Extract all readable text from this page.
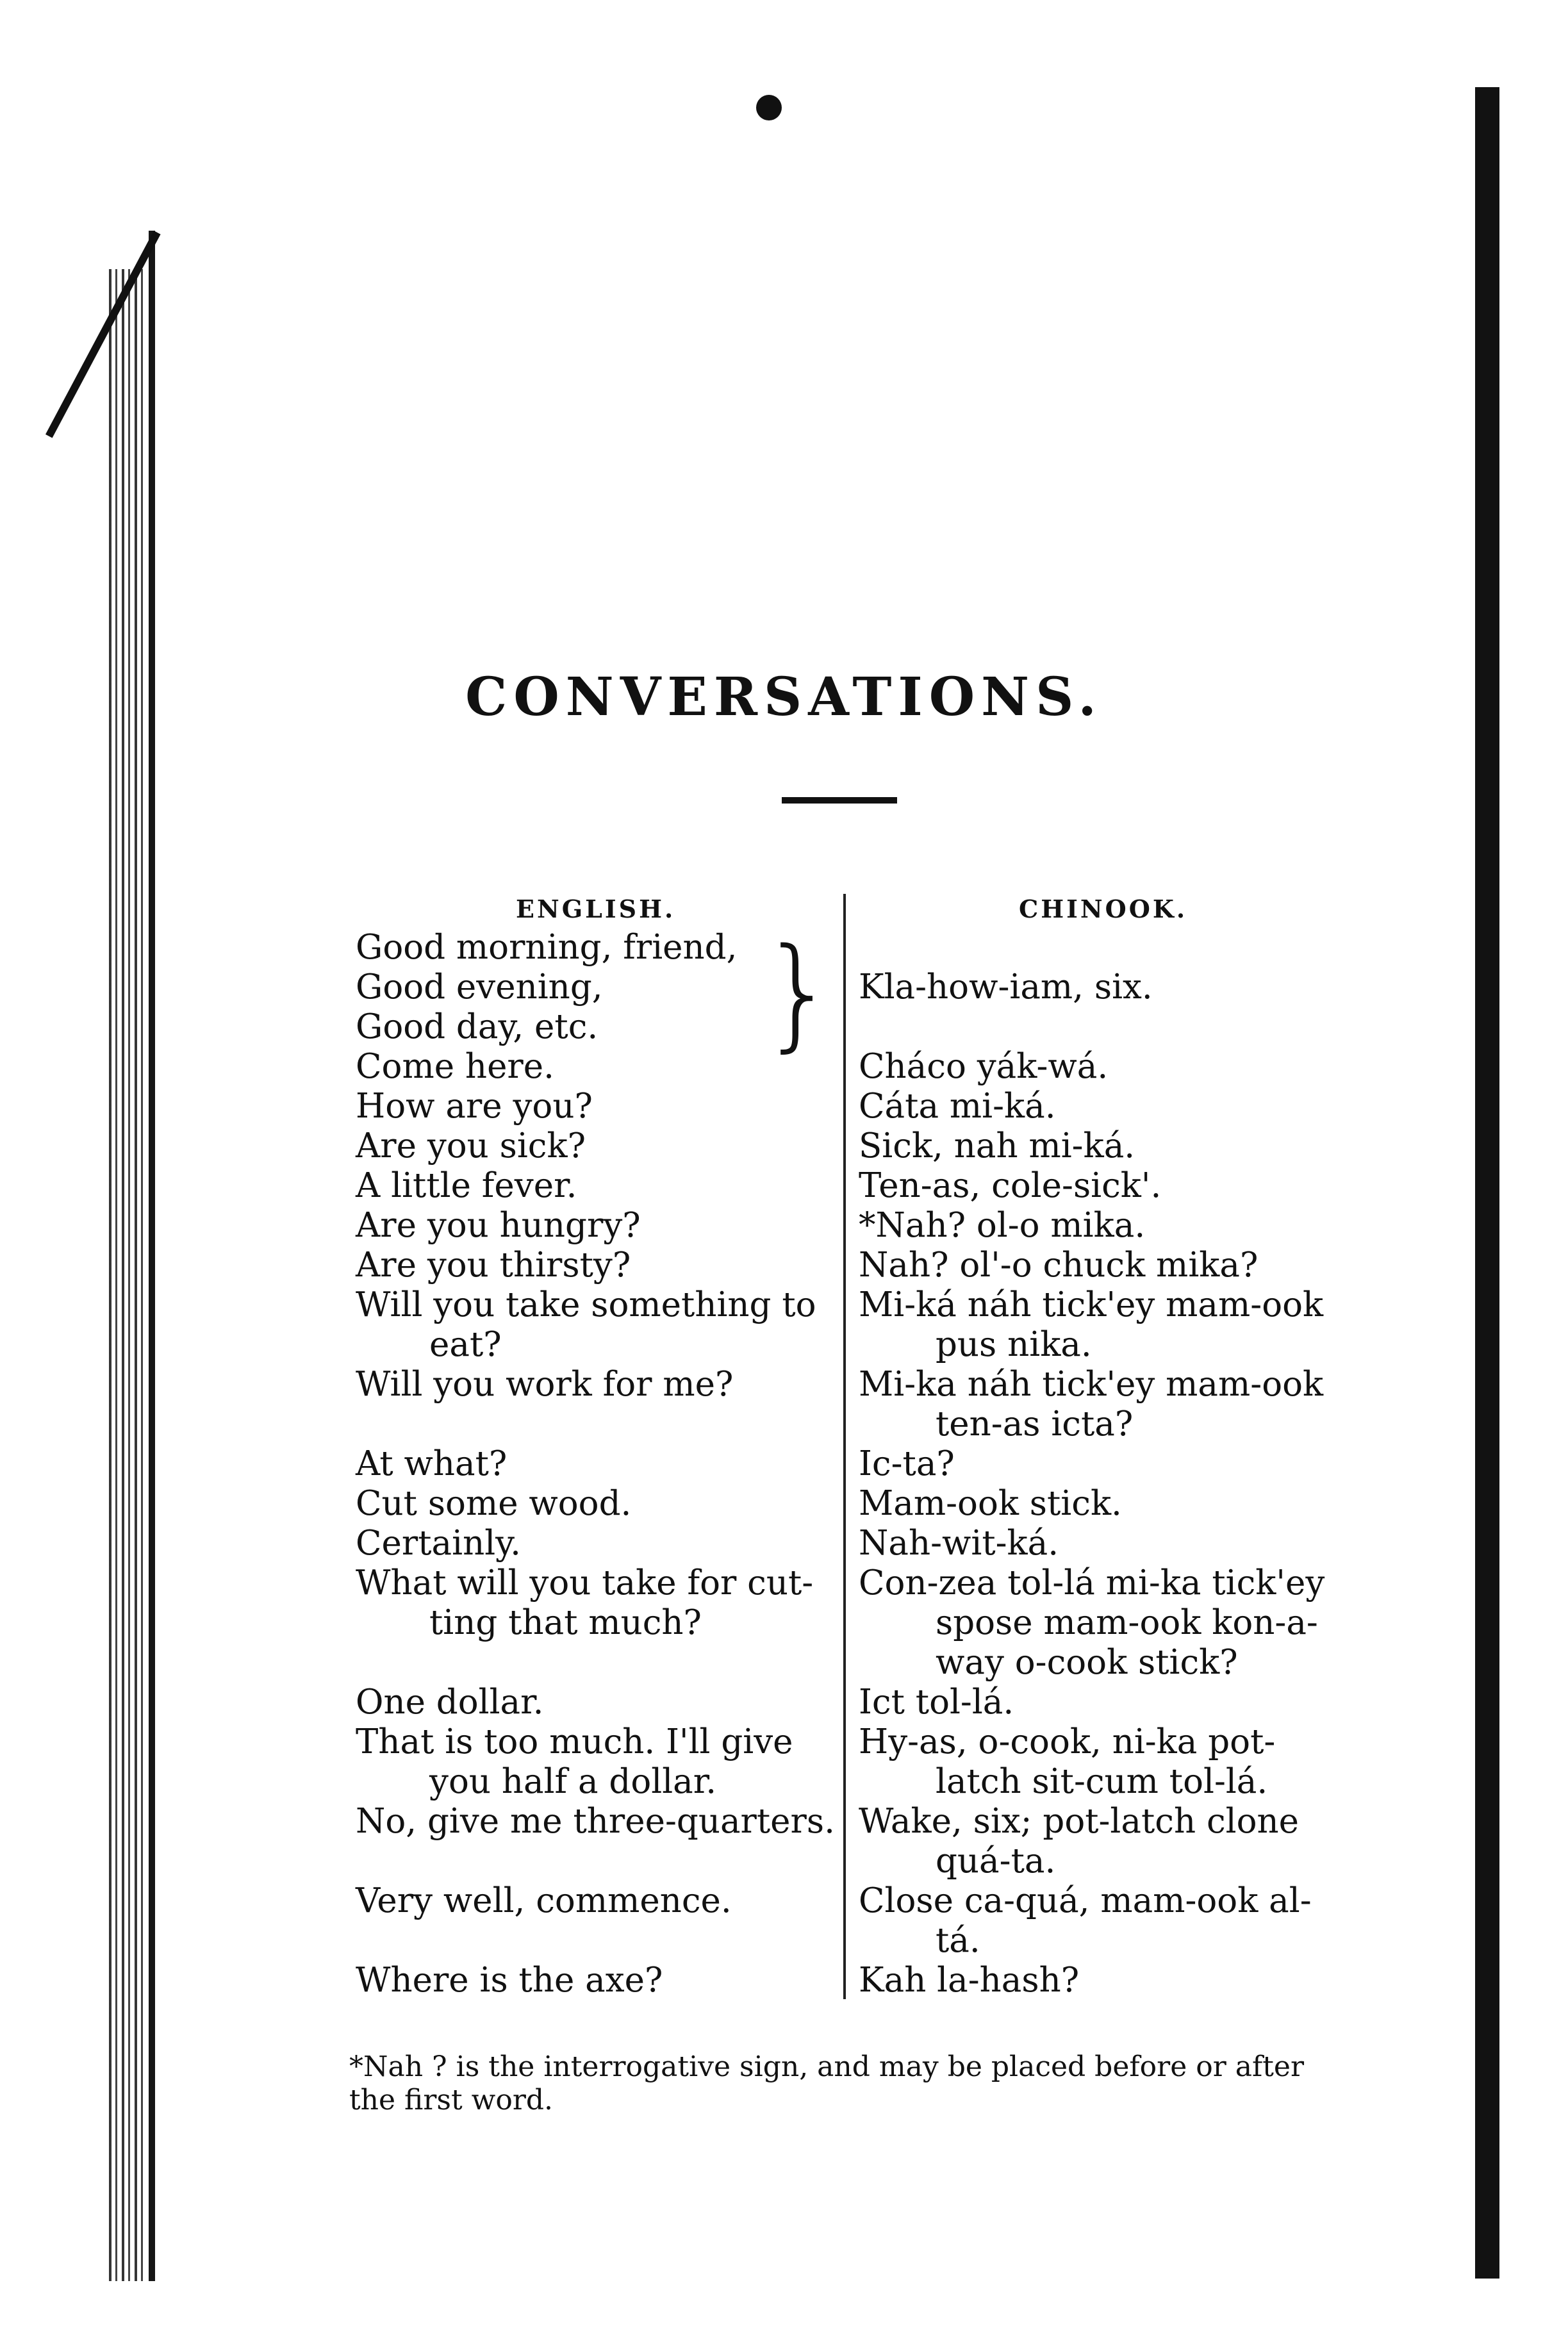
CONVERSATIONS.
ENGLISH.	CHINOOK.
Good morning, friend,
Good evening,
Good day, etc. }
Come here.
How are you?
Are you sick?
A little fever.
Are you hungry?
Are you thirsty?
Will you take something to
eat?
Will you work for me?
At what?
Cut some wood.
Certainly.
What will you take for cut-
ting that much?
One dollar.
That is too much. I'll give
you half a dollar.
No, give me three-quarters.
Very well, commence.
Where is the axe?
Kla-how-iam, six.
Cháco yák-wá.
Cáta mi-ká.
Sick, nah mi-ká.
Ten-as, cole-sick'.
*Nah? ol-o mika.
Nah? ol'-o chuck mika?
Mi-ká náh tick'ey mam-ook
pus nika.
Mi-ka náh tick'ey mam-ook
ten-as icta?
Ic-ta?
Mam-ook stick.
Nah-wit-ká.
Con-zea tol-lá mi-ka tick'ey
spose mam-ook kon-a-
way o-cook stick?
Ict tol-lá.
Hy-as, o-cook, ni-ka pot-
latch sit-cum tol-lá.
Wake, six; pot-latch clone
quá-ta.
Close ca-quá, mam-ook al-
tá.
Kah la-hash?
*Nah ? is the interrogative sign, and may be placed before or after the first word.
